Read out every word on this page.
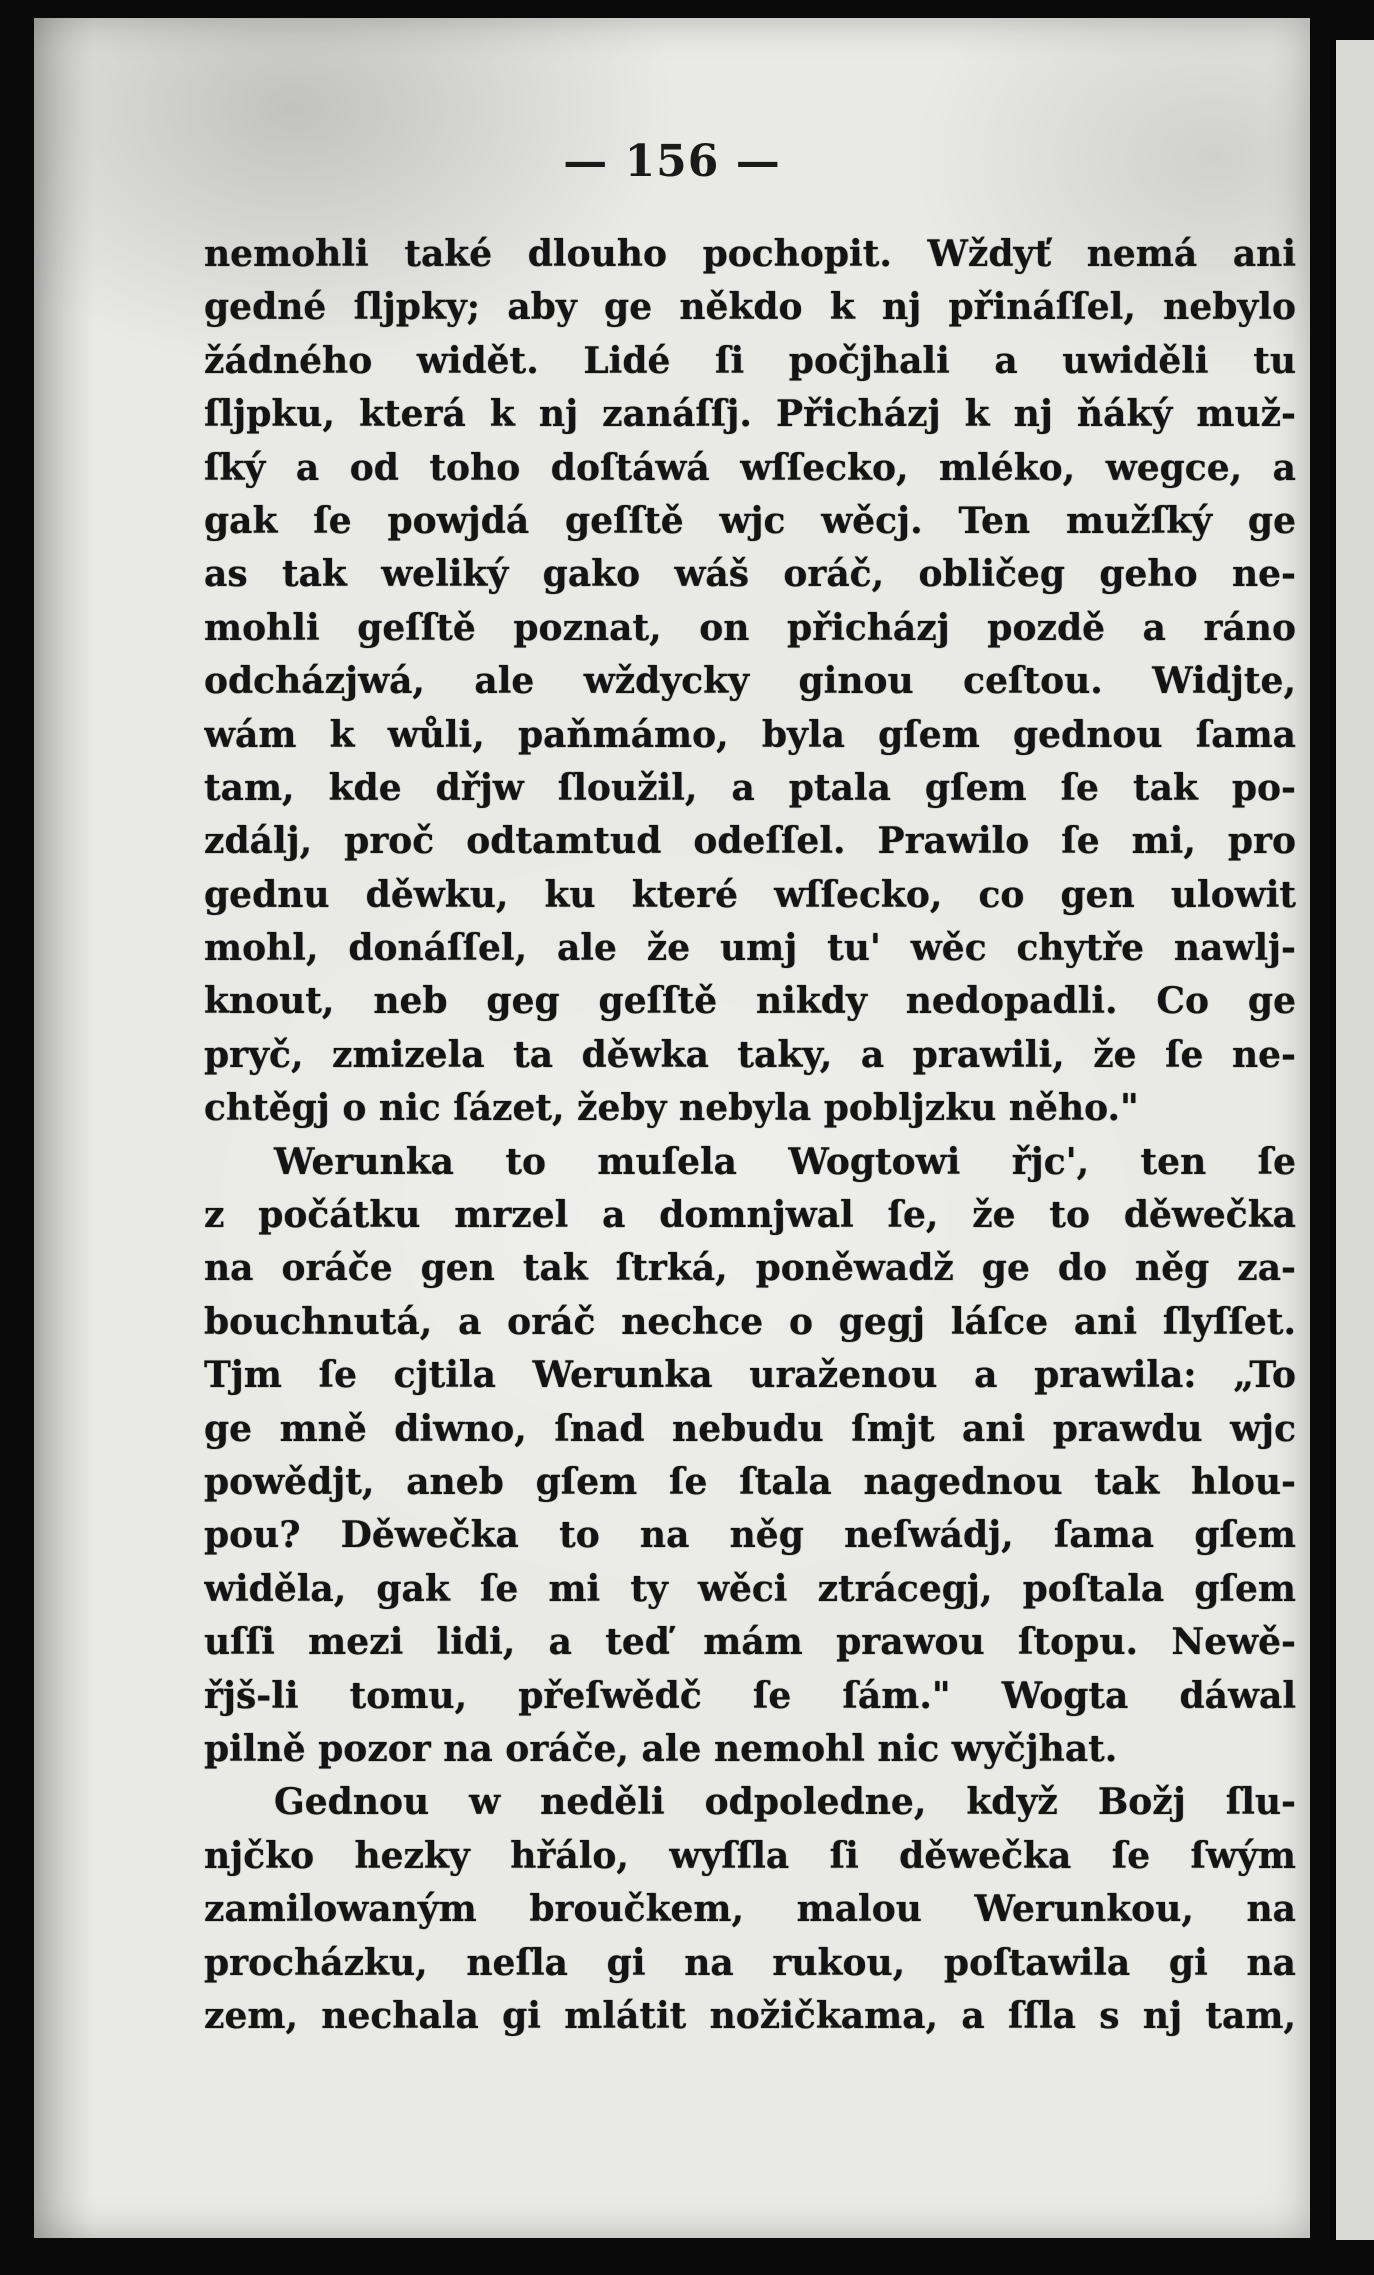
— 156 —
nemohli také dlouho pochopit. Wždyť nemá ani
gedné ſljpky; aby ge někdo k nj přináſſel, nebylo
žádného widět. Lidé ſi počjhali a uwiděli tu
ſljpku, která k nj zanáſſj. Přicházj k nj ňáký muž-
ſký a od toho doſtáwá wſſecko, mléko, wegce, a
gak ſe powjdá geſſtě wjc wěcj. Ten mužſký ge
as tak weliký gako wáš oráč, obličeg geho ne-
mohli geſſtě poznat, on přicházj pozdě a ráno
odcházjwá, ale wždycky ginou ceſtou. Widjte,
wám k wůli, paňmámo, byla gſem gednou ſama
tam, kde dřjw ſloužil, a ptala gſem ſe tak po-
zdálj, proč odtamtud odeſſel. Prawilo ſe mi, pro
gednu děwku, ku které wſſecko, co gen ulowit
mohl, donáſſel, ale že umj tu' wěc chytře nawlj-
knout, neb geg geſſtě nikdy nedopadli. Co ge
pryč, zmizela ta děwka taky, a prawili, že ſe ne-
chtěgj o nic ſázet, žeby nebyla poblјzku něho."
Werunka to muſela Wogtowi řjc', ten ſe
z počátku mrzel a domnjwal ſe, že to děwečka
na oráče gen tak ſtrká, poněwadž ge do něg za-
bouchnutá, a oráč nechce o gegj láſce ani ſlyſſet.
Tjm ſe cjtila Werunka uraženou a prawila: „To
ge mně diwno, ſnad nebudu ſmjt ani prawdu wjc
powědjt, aneb gſem ſe ſtala nagednou tak hlou-
pou? Děwečka to na něg neſwádj, ſama gſem
widěla, gak ſe mi ty wěci ztrácegj, poſtala gſem
uſſi mezi lidi, a teď mám prawou ſtopu. Newě-
řjš-li tomu, přeſwědč ſe ſám." Wogta dáwal
pilně pozor na oráče, ale nemohl nic wyčjhat.
Gednou w neděli odpoledne, když Božj ſlu-
njčko hezky hřálo, wyſſla ſi děwečka ſe ſwým
zamilowaným broučkem, malou Werunkou, na
procházku, neſla gi na rukou, poſtawila gi na
zem, nechala gi mlátit nožičkama, a ſſla s nj tam,
